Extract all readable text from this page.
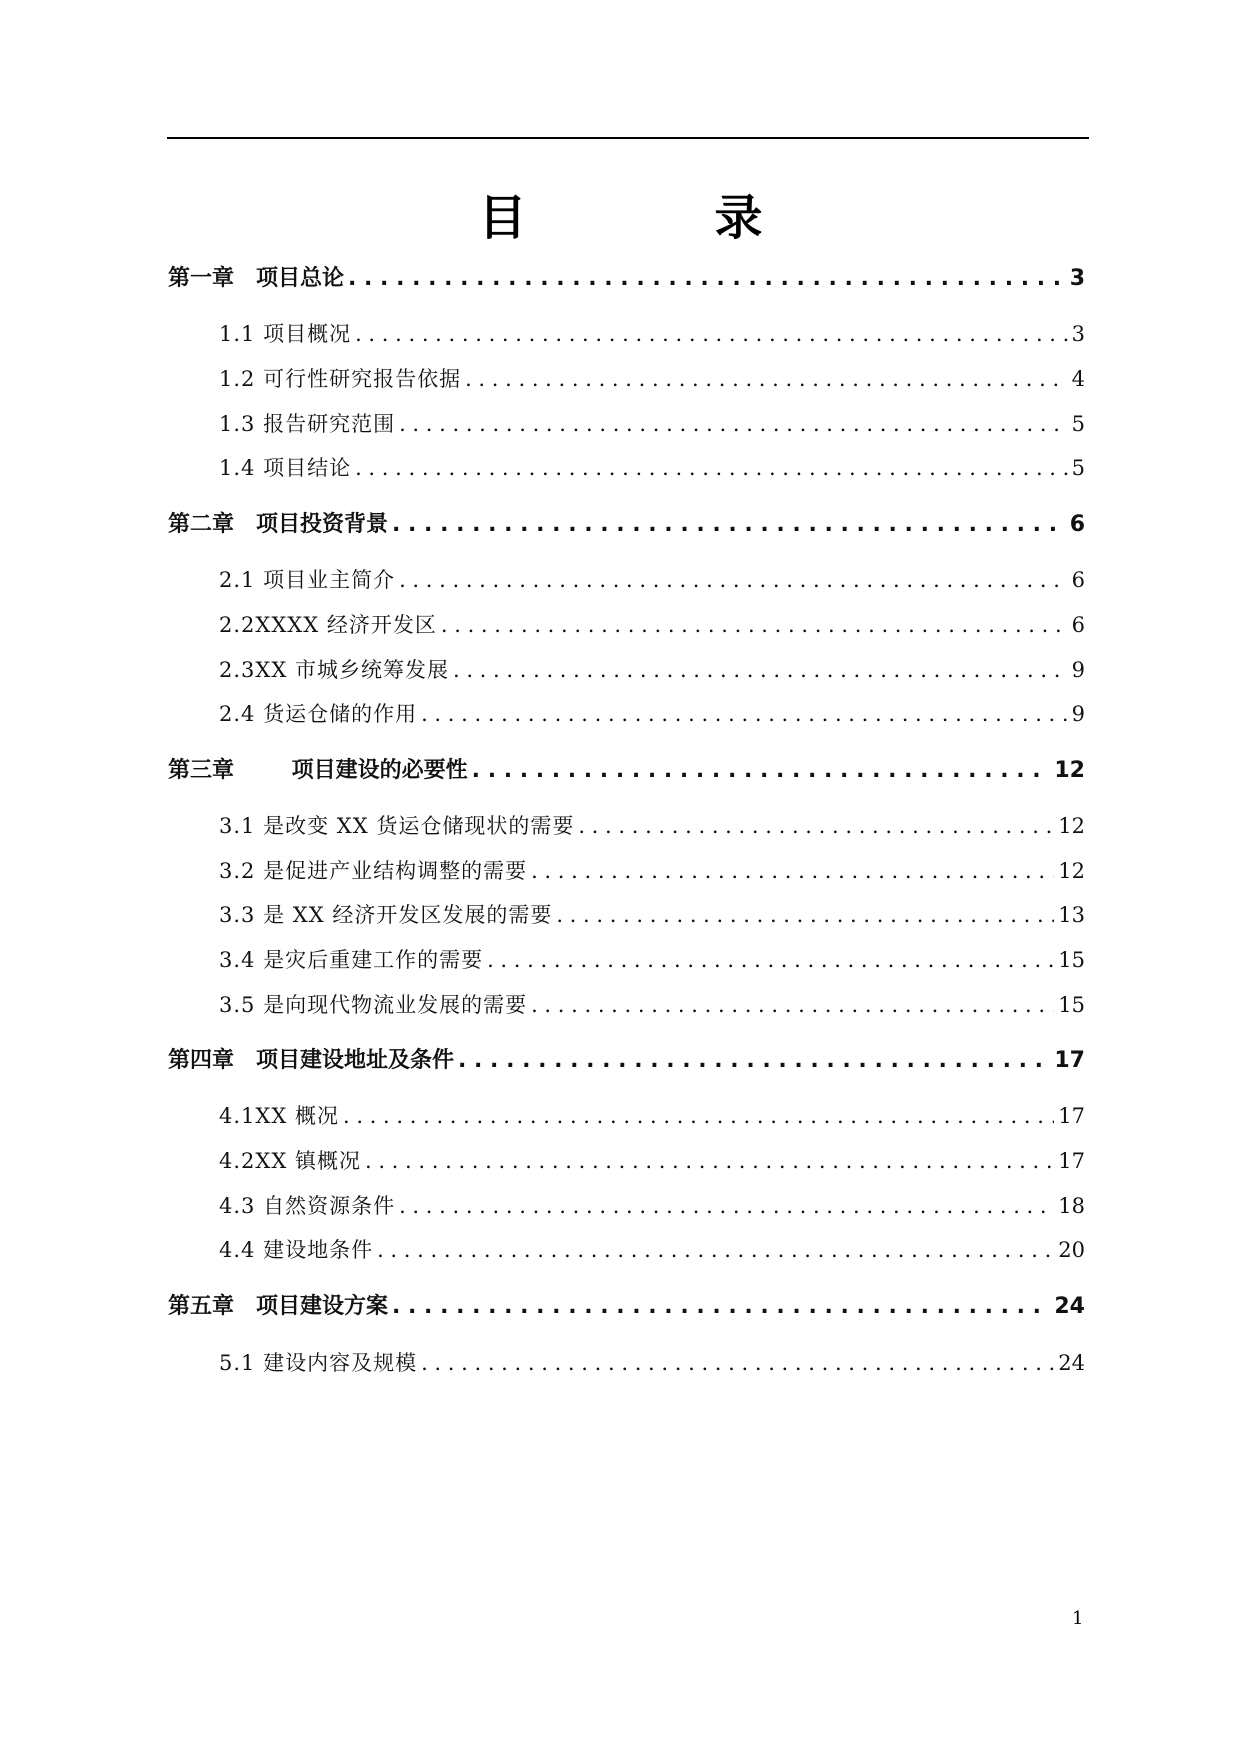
目　录
第一章　项目总论 . . .	3
1.1 项目概况 . . .	3
1.2 可行性研究报告依据 . . .	4
1.3 报告研究范围 . . .	5
1.4 项目结论 . . .	5
第二章　项目投资背景 . . .	6
2.1 项目业主简介 . . .	6
2.2XXXX 经济开发区 . . .	6
2.3XX 市城乡统筹发展 . . .	9
2.4 货运仓储的作用 . . .	9
第三章　 项目建设的必要性 . . .	12
3.1 是改变 XX 货运仓储现状的需要 . . .	12
3.2 是促进产业结构调整的需要 . . .	12
3.3 是 XX 经济开发区发展的需要 . . .	13
3.4 是灾后重建工作的需要 . . .	15
3.5 是向现代物流业发展的需要 . . .	15
第四章　项目建设地址及条件 . . .	17
4.1XX 概况 . . .	17
4.2XX 镇概况 . . .	17
4.3 自然资源条件 . . .	18
4.4 建设地条件 . . .	20
第五章　项目建设方案 . . .	24
5.1 建设内容及规模 . . .	24
1
